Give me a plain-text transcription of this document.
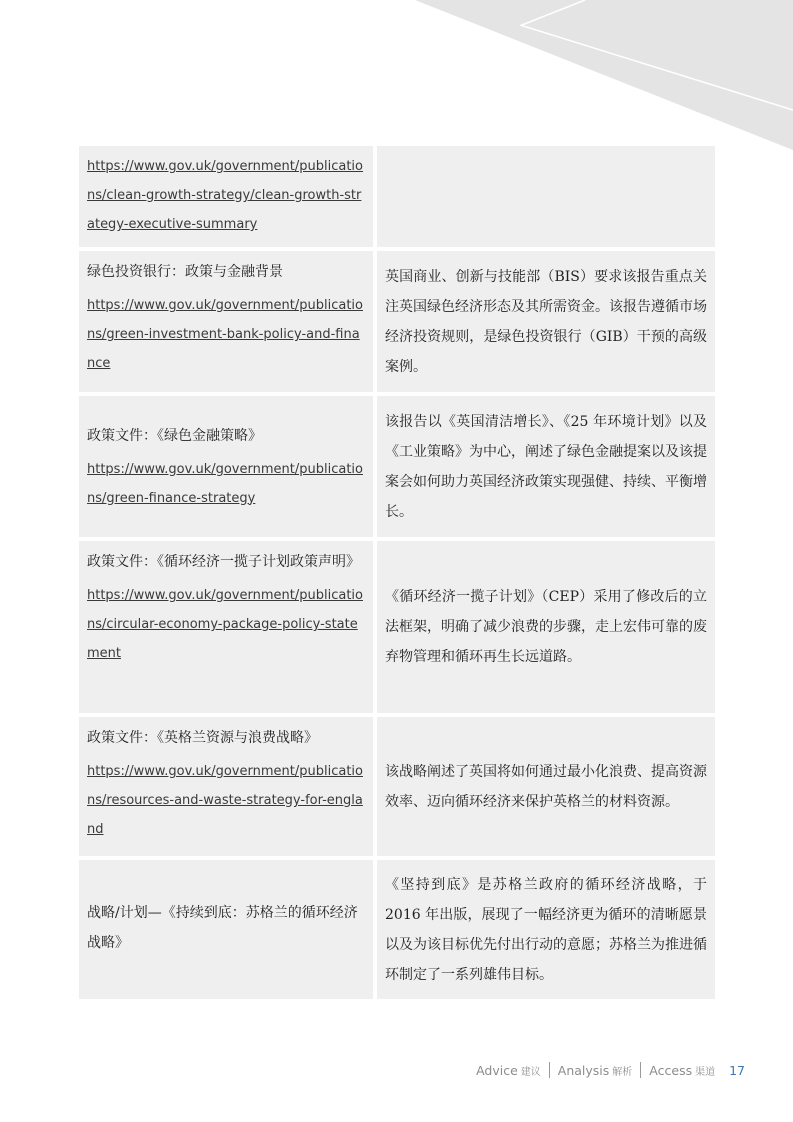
https://www.gov.uk/government/publications/clean-growth-strategy/clean-growth-strategy-executive-summary
绿色投资银行：政策与金融背景
https://www.gov.uk/government/publications/green-investment-bank-policy-and-finance
英国商业、创新与技能部（BIS）要求该报告重点关注英国绿色经济形态及其所需资金。该报告遵循市场经济投资规则，是绿色投资银行（GIB）干预的高级案例。
政策文件：《绿色金融策略》
https://www.gov.uk/government/publications/green-finance-strategy
该报告以《英国清洁增长》、《25 年环境计划》以及《工业策略》为中心，阐述了绿色金融提案以及该提案会如何助力英国经济政策实现强健、持续、平衡增长。
政策文件：《循环经济一揽子计划政策声明》
https://www.gov.uk/government/publications/circular-economy-package-policy-statement
《循环经济一揽子计划》（CEP）采用了修改后的立法框架，明确了减少浪费的步骤，走上宏伟可靠的废弃物管理和循环再生长远道路。
政策文件：《英格兰资源与浪费战略》
https://www.gov.uk/government/publications/resources-and-waste-strategy-for-england
该战略阐述了英国将如何通过最小化浪费、提高资源效率、迈向循环经济来保护英格兰的材料资源。
战略/计划—《持续到底：苏格兰的循环经济战略》
《坚持到底》是苏格兰政府的循环经济战略，于 2016 年出版，展现了一幅经济更为循环的清晰愿景以及为该目标优先付出行动的意愿；苏格兰为推进循环制定了一系列雄伟目标。
Advice 建议 Analysis 解析 Access 渠道 17
